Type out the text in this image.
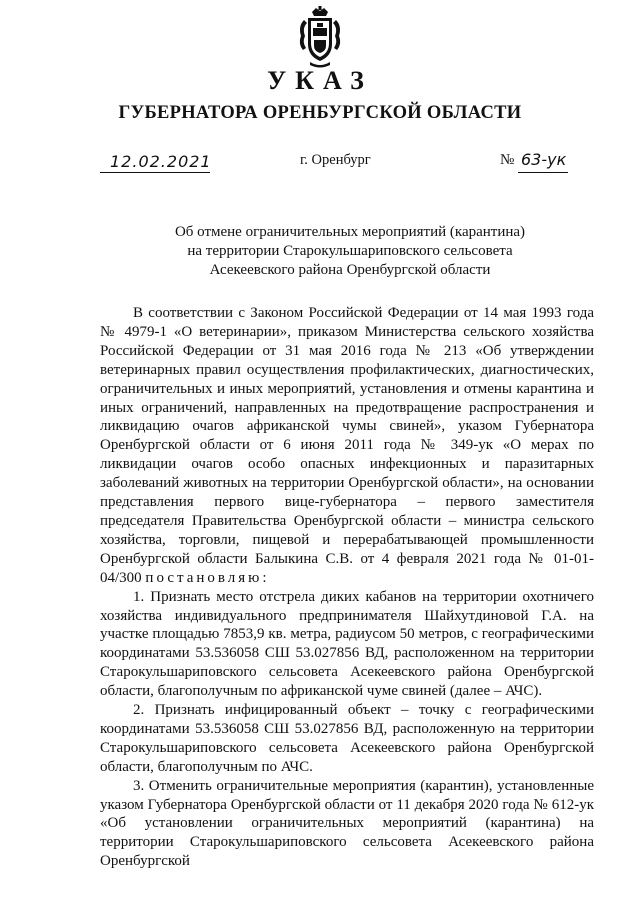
УКАЗ
ГУБЕРНАТОРА ОРЕНБУРГСКОЙ ОБЛАСТИ
12.02.2021	г. Оренбург	№ 63-ук
Об отмене ограничительных мероприятий (карантина)
на территории Старокульшариповского сельсовета
Асекеевского района Оренбургской области

В соответствии с Законом Российской Федерации от 14 мая 1993 года № 4979-1 «О ветеринарии», приказом Министерства сельского хозяйства Российской Федерации от 31 мая 2016 года № 213 «Об утверждении ветеринарных правил осуществления профилактических, диагностических, ограничительных и иных мероприятий, установления и отмены карантина и иных ограничений, направленных на предотвращение распространения и ликвидацию очагов африканской чумы свиней», указом Губернатора Оренбургской области от 6 июня 2011 года № 349-ук «О мерах по ликвидации очагов особо опасных инфекционных и паразитарных заболеваний животных на территории Оренбургской области», на основании представления первого вице-губернатора – первого заместителя председателя Правительства Оренбургской области – министра сельского хозяйства, торговли, пищевой и перерабатывающей промышленности Оренбургской области Балыкина С.В. от 4 февраля 2021 года № 01-01-04/300 постановляю:

1. Признать место отстрела диких кабанов на территории охотничего хозяйства индивидуального предпринимателя Шайхутдиновой Г.А. на участке площадью 7853,9 кв. метра, радиусом 50 метров, с географическими координатами 53.536058 СШ 53.027856 ВД, расположенном на территории Старокульшариповского сельсовета Асекеевского района Оренбургской области, благополучным по африканской чуме свиней (далее – АЧС).

2. Признать инфицированный объект – точку с географическими координатами 53.536058 СШ 53.027856 ВД, расположенную на территории Старокульшариповского сельсовета Асекеевского района Оренбургской области, благополучным по АЧС.

3. Отменить ограничительные мероприятия (карантин), установленные указом Губернатора Оренбургской области от 11 декабря 2020 года № 612-ук «Об установлении ограничительных мероприятий (карантина) на территории Старокульшариповского сельсовета Асекеевского района Оренбургской
